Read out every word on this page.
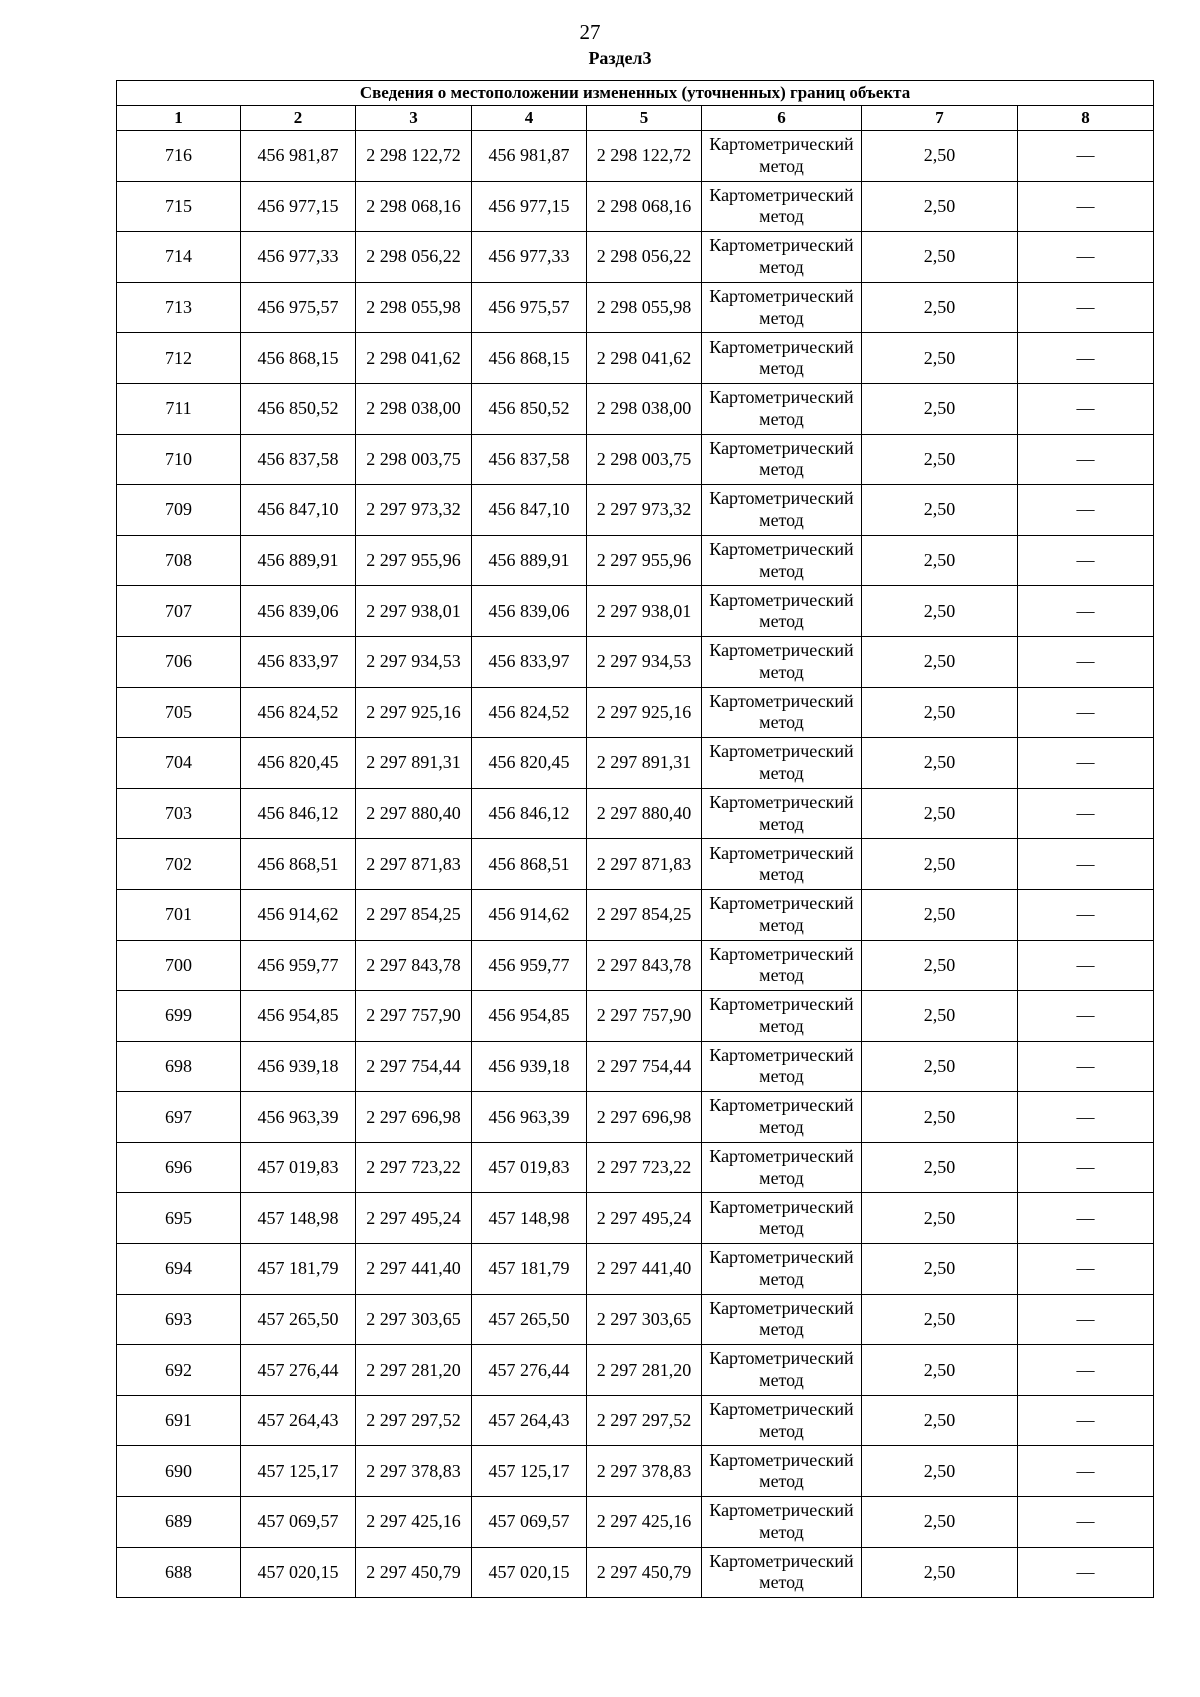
27
Раздел3
Сведения о местоположении измененных (уточненных) границ объекта							
1	2	3	4	5	6	7	8
716	456 981,87	2 298 122,72	456 981,87	2 298 122,72	Картометрический метод	2,50	—
715	456 977,15	2 298 068,16	456 977,15	2 298 068,16	Картометрический метод	2,50	—
714	456 977,33	2 298 056,22	456 977,33	2 298 056,22	Картометрический метод	2,50	—
713	456 975,57	2 298 055,98	456 975,57	2 298 055,98	Картометрический метод	2,50	—
712	456 868,15	2 298 041,62	456 868,15	2 298 041,62	Картометрический метод	2,50	—
711	456 850,52	2 298 038,00	456 850,52	2 298 038,00	Картометрический метод	2,50	—
710	456 837,58	2 298 003,75	456 837,58	2 298 003,75	Картометрический метод	2,50	—
709	456 847,10	2 297 973,32	456 847,10	2 297 973,32	Картометрический метод	2,50	—
708	456 889,91	2 297 955,96	456 889,91	2 297 955,96	Картометрический метод	2,50	—
707	456 839,06	2 297 938,01	456 839,06	2 297 938,01	Картометрический метод	2,50	—
706	456 833,97	2 297 934,53	456 833,97	2 297 934,53	Картометрический метод	2,50	—
705	456 824,52	2 297 925,16	456 824,52	2 297 925,16	Картометрический метод	2,50	—
704	456 820,45	2 297 891,31	456 820,45	2 297 891,31	Картометрический метод	2,50	—
703	456 846,12	2 297 880,40	456 846,12	2 297 880,40	Картометрический метод	2,50	—
702	456 868,51	2 297 871,83	456 868,51	2 297 871,83	Картометрический метод	2,50	—
701	456 914,62	2 297 854,25	456 914,62	2 297 854,25	Картометрический метод	2,50	—
700	456 959,77	2 297 843,78	456 959,77	2 297 843,78	Картометрический метод	2,50	—
699	456 954,85	2 297 757,90	456 954,85	2 297 757,90	Картометрический метод	2,50	—
698	456 939,18	2 297 754,44	456 939,18	2 297 754,44	Картометрический метод	2,50	—
697	456 963,39	2 297 696,98	456 963,39	2 297 696,98	Картометрический метод	2,50	—
696	457 019,83	2 297 723,22	457 019,83	2 297 723,22	Картометрический метод	2,50	—
695	457 148,98	2 297 495,24	457 148,98	2 297 495,24	Картометрический метод	2,50	—
694	457 181,79	2 297 441,40	457 181,79	2 297 441,40	Картометрический метод	2,50	—
693	457 265,50	2 297 303,65	457 265,50	2 297 303,65	Картометрический метод	2,50	—
692	457 276,44	2 297 281,20	457 276,44	2 297 281,20	Картометрический метод	2,50	—
691	457 264,43	2 297 297,52	457 264,43	2 297 297,52	Картометрический метод	2,50	—
690	457 125,17	2 297 378,83	457 125,17	2 297 378,83	Картометрический метод	2,50	—
689	457 069,57	2 297 425,16	457 069,57	2 297 425,16	Картометрический метод	2,50	—
688	457 020,15	2 297 450,79	457 020,15	2 297 450,79	Картометрический метод	2,50	—
